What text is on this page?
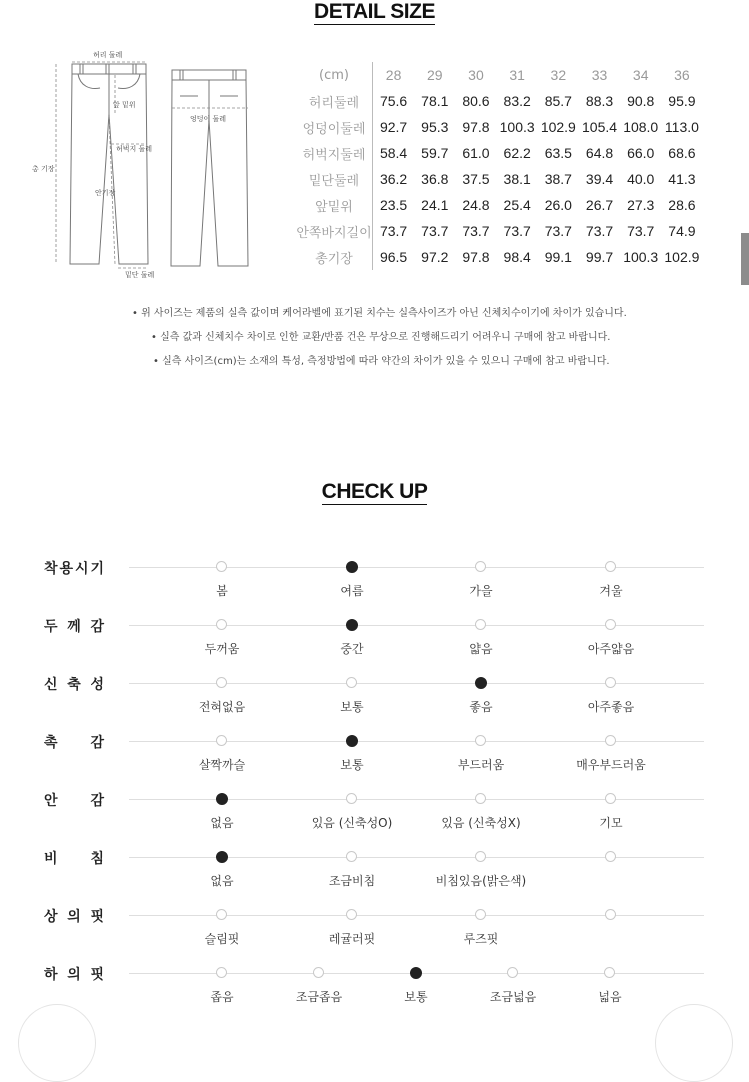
DETAIL SIZE
허리 둘레
앞 밑위
엉덩이 둘레
허벅지 둘레
총 기장
안기장
밑단 둘레
(cm)	28	29	30	31	32	33	34	36
허리둘레	75.6	78.1	80.6	83.2	85.7	88.3	90.8	95.9
엉덩이둘레	92.7	95.3	97.8	100.3	102.9	105.4	108.0	113.0
허벅지둘레	58.4	59.7	61.0	62.2	63.5	64.8	66.0	68.6
밑단둘레	36.2	36.8	37.5	38.1	38.7	39.4	40.0	41.3
앞밑위	23.5	24.1	24.8	25.4	26.0	26.7	27.3	28.6
안쪽바지길이	73.7	73.7	73.7	73.7	73.7	73.7	73.7	74.9
총기장	96.5	97.2	97.8	98.4	99.1	99.7	100.3	102.9
• 위 사이즈는 제품의 실측 값이며 케어라벨에 표기된 치수는 실측사이즈가 아닌 신체치수이기에 차이가 있습니다.
• 실측 값과 신체치수 차이로 인한 교환/반품 건은 무상으로 진행해드리기 어려우니 구매에 참고 바랍니다.
• 실측 사이즈(cm)는 소재의 특성, 측정방법에 따라 약간의 차이가 있을 수 있으니 구매에 참고 바랍니다.
CHECK UP
착 용 시 기
봄	여름	가을	겨울
두 께 감
두꺼움	중간	얇음	아주얇음
신 축 성
전혀없음	보통	좋음	아주좋음
촉 감
살짝까슬	보통	부드러움	매우부드러움
안 감
없음	있음 (신축성O)	있음 (신축성X)	기모
비 침
없음	조금비침	비침있음(밝은색)
상 의 핏
슬림핏	레귤러핏	루즈핏
하 의 핏
좁음	조금좁음	보통	조금넓음	넓음
